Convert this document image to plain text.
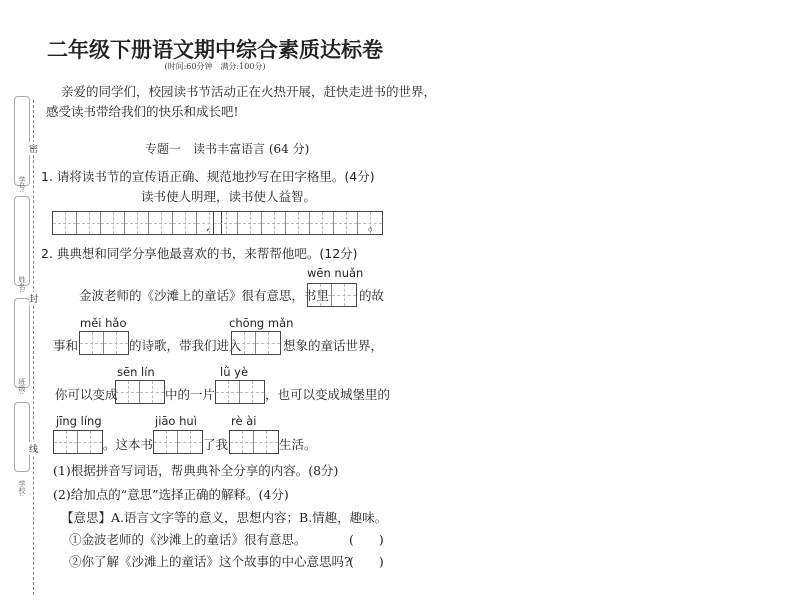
学号:
姓名:
班级:
学校:
密
封
线
二年级下册语文期中综合素质达标卷
(时间:60分钟　满分:100分)
亲爱的同学们，校园读书节活动正在火热开展，赶快走进书的世界，
感受读书带给我们的快乐和成长吧!
专题一　读书丰富语言 (64 分)
1. 请将读书节的宣传语正确、规范地抄写在田字格里。(4分)
读书使人明理，读书使人益智。
,	。
2. 典典想和同学分享他最喜欢的书，来帮帮他吧。(12分)
wēn nuǎn
金波老师的《沙滩上的童话》很有意思，书里 的故
měi hǎo	chōng mǎn
事和	的诗歌，带我们进入	想象的童话世界，
sēn lín	lǜ yè
你可以变成	中的一片	，也可以变成城堡里的
jīng líng	jiāo huì	rè ài
。这本书	了我	生活。
(1)根据拼音写词语，帮典典补全分享的内容。(8分)
(2)给加点的“意思”选择正确的解释。(4分)
【意思】A.语言文字等的意义，思想内容；B.情趣，趣味。
①金波老师的《沙滩上的童话》很有意思。	(　　)
②你了解《沙滩上的童话》这个故事的中心意思吗?
(　　)
